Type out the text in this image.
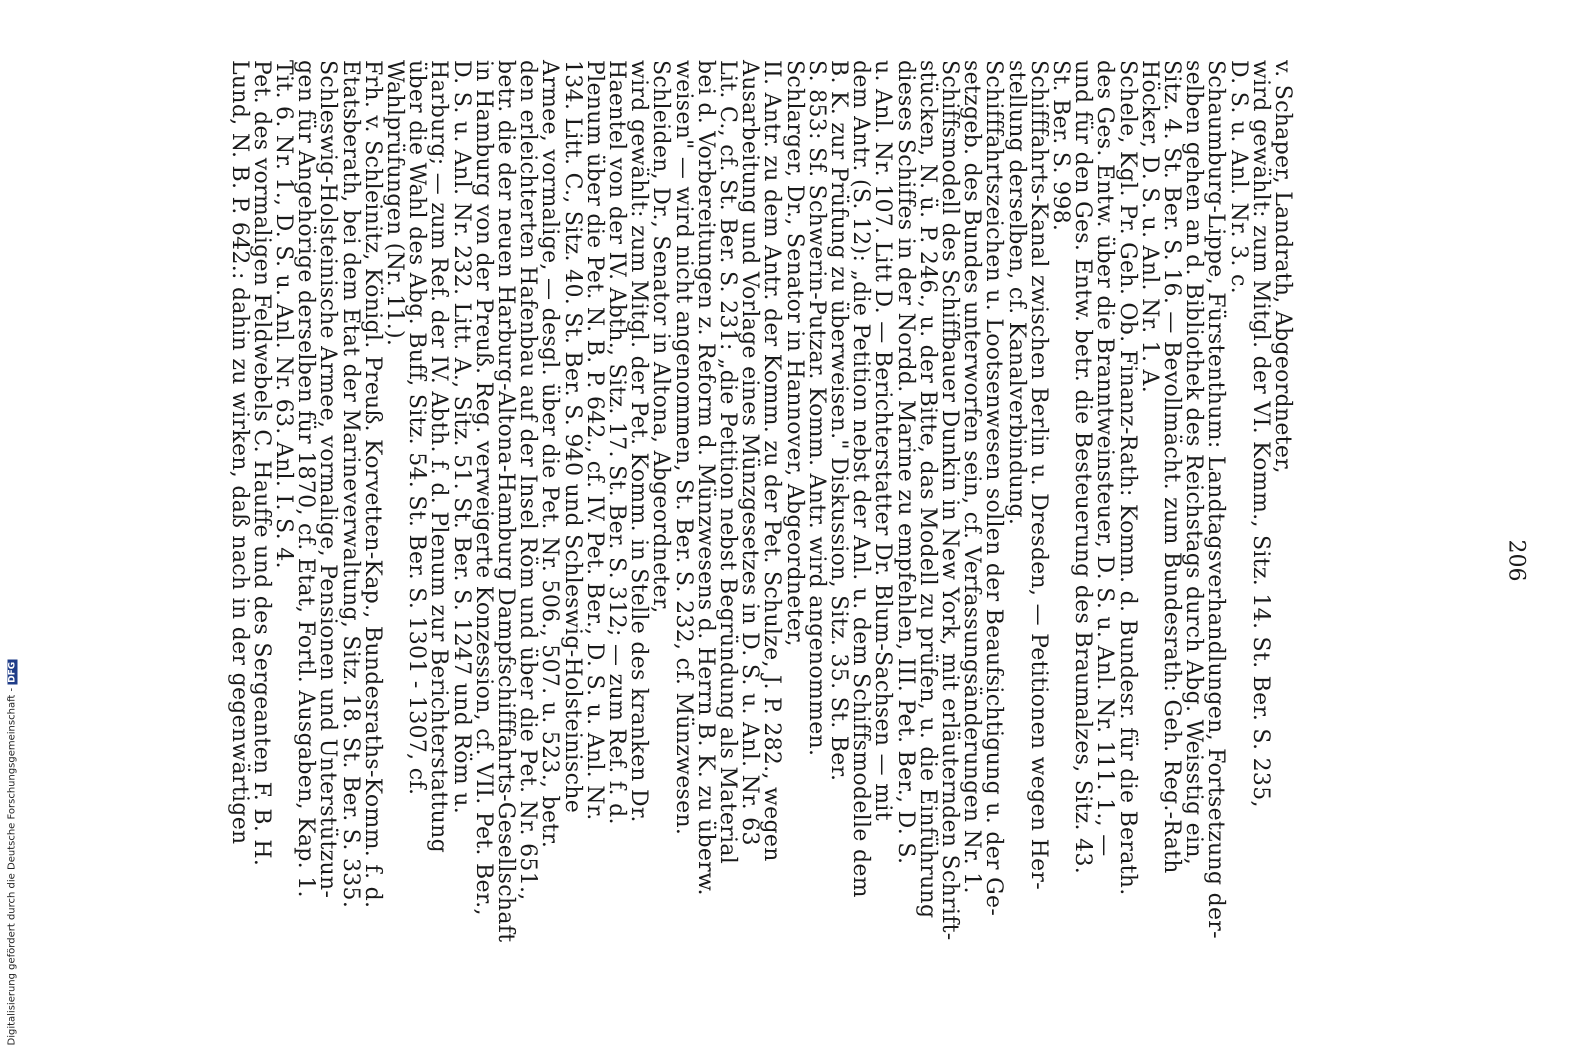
v. Schaper, Landrath, Abgeordneter,
wird gewählt: zum Mitgl. der VI. Komm., Sitz. 14. St. Ber. S. 235,
D. S. u. Anl. Nr. 3. c.
Schaumburg-Lippe, Fürstenthum: Landtagsverhandlungen, Fortsetzung der-
selben gehen an d. Bibliothek des Reichstags durch Abg. Weisstig ein,
Sitz. 4. St. Ber. S. 16. — Bevollmächt. zum Bundesrath: Geh. Reg.-Rath
Höcker, D. S. u. Anl. Nr. 1. A.
Schele, Kgl. Pr. Geh. Ob. Finanz-Rath: Komm. d. Bundesr. für die Berath.
des Ges. Entw. über die Branntweinsteuer, D. S. u. Anl. Nr. 111. 1., —
und für den Ges. Entw. betr. die Besteuerung des Braumalzes, Sitz. 43.
St. Ber. S. 998.
Schifffahrts-Kanal zwischen Berlin u. Dresden, — Petitionen wegen Her-
stellung derselben, cf. Kanalverbindung.
Schifffahrtszeichen u. Lootsenwesen sollen der Beaufsichtigung u. der Ge-
setzgeb. des Bundes unterworfen sein, cf. Verfassungsänderungen Nr. 1.
Schiffsmodell des Schiffbauer Dunkin in New York, mit erläuternden Schrift-
stücken, N. ü. P. 246., u. der Bitte, das Modell zu prüfen, u. die Einführung
dieses Schiffes in der Nordd. Marine zu empfehlen, III. Pet. Ber., D. S.
u. Anl. Nr. 107. Litt D. — Berichterstatter Dr. Blum-Sachsen — mit
dem Antr. (S. 12): „die Petition nebst der Anl. u. dem Schiffsmodelle dem
B. K. zur Prüfung zu überweisen." Diskussion, Sitz. 35. St. Ber.
S. 853: Sf. Schwerin-Putzar. Komm. Antr. wird angenommen.
Schlarger, Dr., Senator in Hannover, Abgeordneter,
II. Antr. zu dem Antr. der Komm. zu der Pet. Schulze, J. P. 282., wegen
Ausarbeitung und Vorlage eines Münzgesetzes in D. S. u. Anl. Nr. 63
Lit. C., cf. St. Ber. S. 231: „die Petition nebst Begründung als Material
bei d. Vorbereitungen z. Reform d. Münzwesens d. Herrn B. K. zu überw.
weisen" — wird nicht angenommen, St. Ber. S. 232, cf. Münzwesen.
Schleiden, Dr., Senator in Altona, Abgeordneter,
wird gewählt: zum Mitgl. der Pet. Komm. in Stelle des kranken Dr.
Haentel von der IV. Abth., Sitz. 17. St. Ber. S. 312; — zum Ref. f. d.
Plenum über die Pet. N. B. P. 642., cf. IV. Pet. Ber., D. S. u. Anl. Nr.
134. Litt. C., Sitz. 40. St. Ber. S. 940 und Schleswig-Holsteinische
Armee, vormalige, — desgl. über die Pet. Nr. 506., 507. u. 523., betr.
den erleichterten Hafenbau auf der Insel Röm und über die Pet. Nr. 651.,
betr. die der neuen Harburg-Altona-Hamburg Dampfschifffahrts-Gesellschaft
in Hamburg von der Preuß. Reg. verweigerte Konzession, cf. VII. Pet. Ber.,
D. S. u. Anl. Nr. 232. Litt. A., Sitz. 51. St. Ber. S. 1247 und Röm u.
Harburg; — zum Ref. der IV. Abth. f. d. Plenum zur Berichterstattung
über die Wahl des Abg. Buff, Sitz. 54. St. Ber. S. 1301 - 1307, cf.
Wahlprüfungen (Nr. 11.).
Frh. v. Schleinitz, Königl. Preuß. Korvetten-Kap., Bundesraths-Komm. f. d.
Etatsberath, bei dem Etat der Marineverwaltung, Sitz. 18. St. Ber. S. 335.
Schleswig-Holsteinische Armee, vormalige, Pensionen und Unterstützun-
gen für Angehörige derselben für 1870, cf. Etat, Fortl. Ausgaben, Kap. 1.
Tit. 6. Nr. 1., D. S. u. Anl. Nr. 63. Anl. I. S. 4.
Pet. des vormaligen Feldwebels C. Hauffe und des Sergeanten F. B. H.
Lund, N. B. P. 642.: dahin zu wirken, daß nach in der gegenwärtigen	206
Digitalisierung gefördert durch die Deutsche Forschungsgemeinschaft -DFG
